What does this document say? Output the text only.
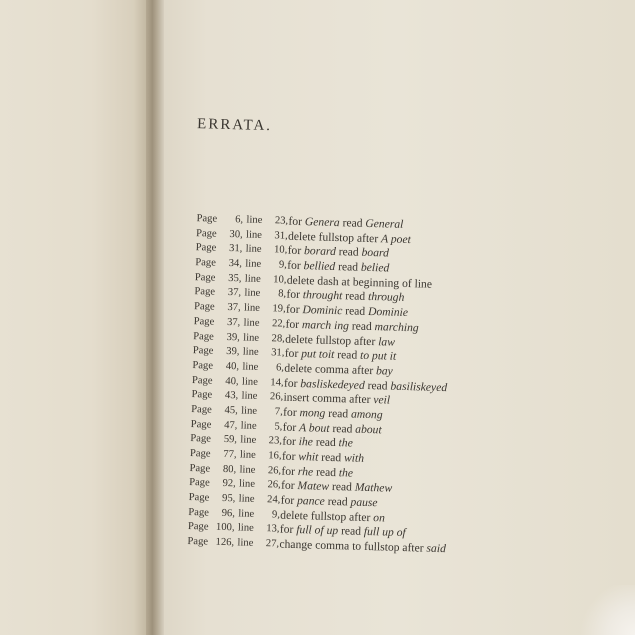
ERRATA.
Page	6 , line	23 , for Genera read General
Page	30 , line	31 , delete fullstop after A poet
Page	31 , line	10 , for borard read board
Page	34 , line	9 , for bellied read belied
Page	35 , line	10 , delete dash at beginning of line
Page	37 , line	8 , for throught read through
Page	37 , line	19 , for Dominic read Dominie
Page	37 , line	22 , for march ing read marching
Page	39 , line	28 , delete fullstop after law
Page	39 , line	31 , for put toit read to put it
Page	40 , line	6 , delete comma after bay
Page	40 , line	14 , for basliskedeyed read basiliskeyed
Page	43 , line	26 , insert comma after veil
Page	45 , line	7 , for mong read among
Page	47 , line	5 , for A bout read about
Page	59 , line	23 , for ihe read the
Page	77 , line	16 , for whit read with
Page	80 , line	26 , for rhe read the
Page	92 , line	26 , for Matew read Mathew
Page	95 , line	24 , for pance read pause
Page	96 , line	9 , delete fullstop after on
Page 100 , line	13 , for full of up read full up of
Page 126 , line	27 , change comma to fullstop after said
